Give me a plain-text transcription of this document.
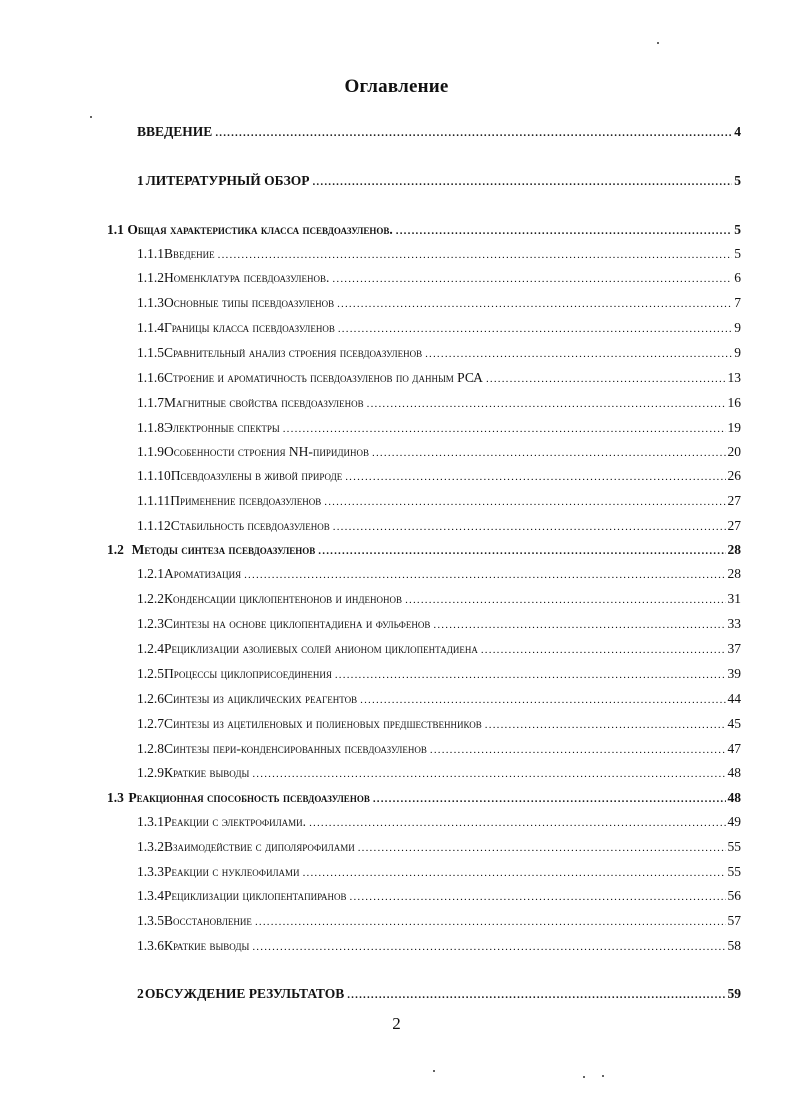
Оглавление
ВВЕДЕНИЕ .....	4
1 ЛИТЕРАТУРНЫЙ ОБЗОР .....	5
1.1 Общая характеристика класса псевдоазуленов. .....	5
1.1.1 Введение .....	5
1.1.2 Номенклатура псевдоазуленов. .....	6
1.1.3 Основные типы псевдоазуленов .....	7
1.1.4 Границы класса псевдоазуленов .....	9
1.1.5 Сравнительный анализ строения псевдоазуленов .....	9
1.1.6 Строение и ароматичность псевдоазуленов по данным РСА .....	13
1.1.7 Магнитные свойства псевдоазуленов .....	16
1.1.8 Электронные спектры .....	19
1.1.9 Особенности строения NH-пиридинов .....	20
1.1.10 Псевдоазулены в живой природе .....	26
1.1.11 Применение псевдоазуленов .....	27
1.1.12 Стабильность псевдоазуленов .....	27
1.2 Методы синтеза псевдоазуленов .....	28
1.2.1 Ароматизация .....	28
1.2.2 Конденсации циклопентенонов и инденонов .....	31
1.2.3 Синтезы на основе циклопентадиена и фульфенов .....	33
1.2.4 Рециклизации азолиевых солей анионом циклопентадиена .....	37
1.2.5 Процессы циклоприсоединения .....	39
1.2.6 Синтезы из ациклических реагентов .....	44
1.2.7 Синтезы из ацетиленовых и полиеновых предшественников .....	45
1.2.8 Синтезы пери-конденсированных псевдоазуленов .....	47
1.2.9 Краткие выводы .....	48
1.3 Реакционная способность псевдоазуленов .....	48
1.3.1 Реакции с электрофилами. .....	49
1.3.2 Взаимодействие с диполярофилами .....	55
1.3.3 Реакции с нуклеофилами .....	55
1.3.4 Рециклизации циклопентапиранов .....	56
1.3.5 Восстановление .....	57
1.3.6 Краткие выводы .....	58
2 ОБСУЖДЕНИЕ РЕЗУЛЬТАТОВ .....	59
2
